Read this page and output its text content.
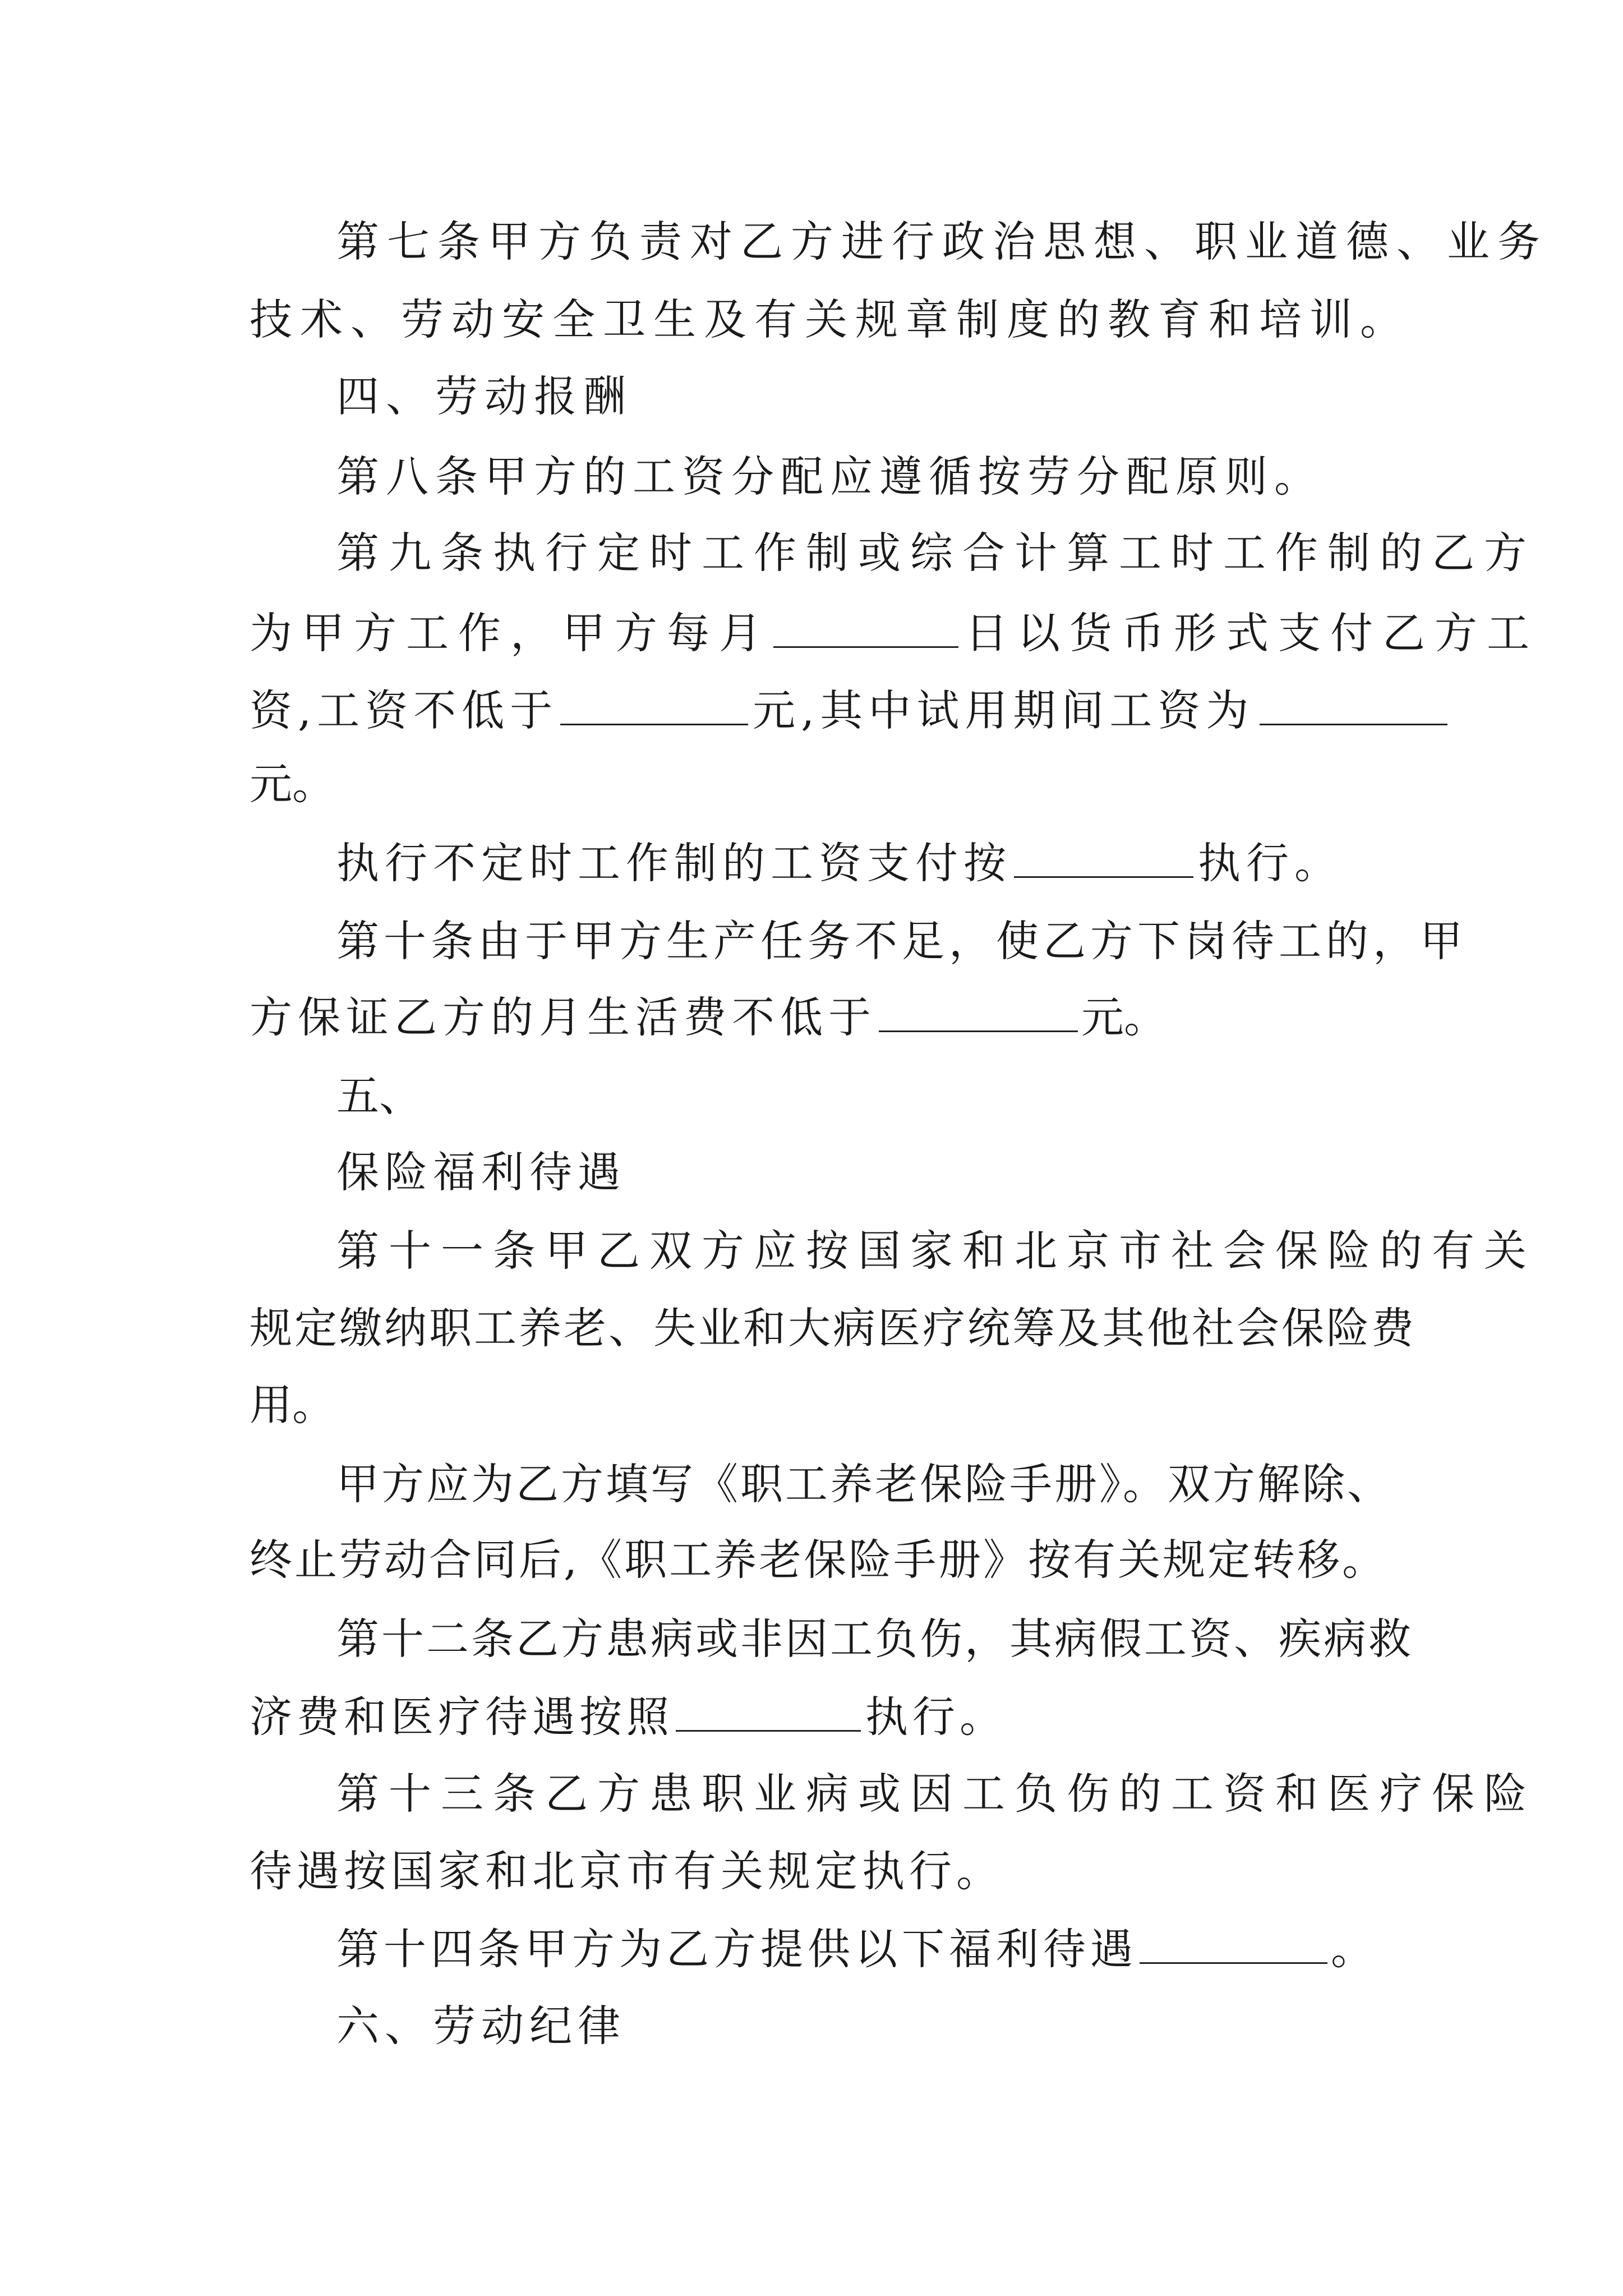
第七条甲方负责对乙方进行政治思想、职业道德、业务
技术、劳动安全卫生及有关规章制度的教育和培训。
四、劳动报酬
第八条甲方的工资分配应遵循按劳分配原则。
第九条执行定时工作制或综合计算工时工作制的乙方
为甲方工作，甲方每月	日以货币形式支付乙方工
资,工资不低于	元,其中试用期间工资为
元。
执行不定时工作制的工资支付按	执行。
第十条由于甲方生产任务不足，使乙方下岗待工的，甲
方保证乙方的月生活费不低于	元。
五、
保险福利待遇
第十一条甲乙双方应按国家和北京市社会保险的有关
规定缴纳职工养老、失业和大病医疗统筹及其他社会保险费
用。
甲方应为乙方填写《职工养老保险手册》。双方解除、
终止劳动合同后,《职工养老保险手册》按有关规定转移。
第十二条乙方患病或非因工负伤，其病假工资、疾病救
济费和医疗待遇按照	执行。
第十三条乙方患职业病或因工负伤的工资和医疗保险
待遇按国家和北京市有关规定执行。
第十四条甲方为乙方提供以下福利待遇	。
六、劳动纪律
